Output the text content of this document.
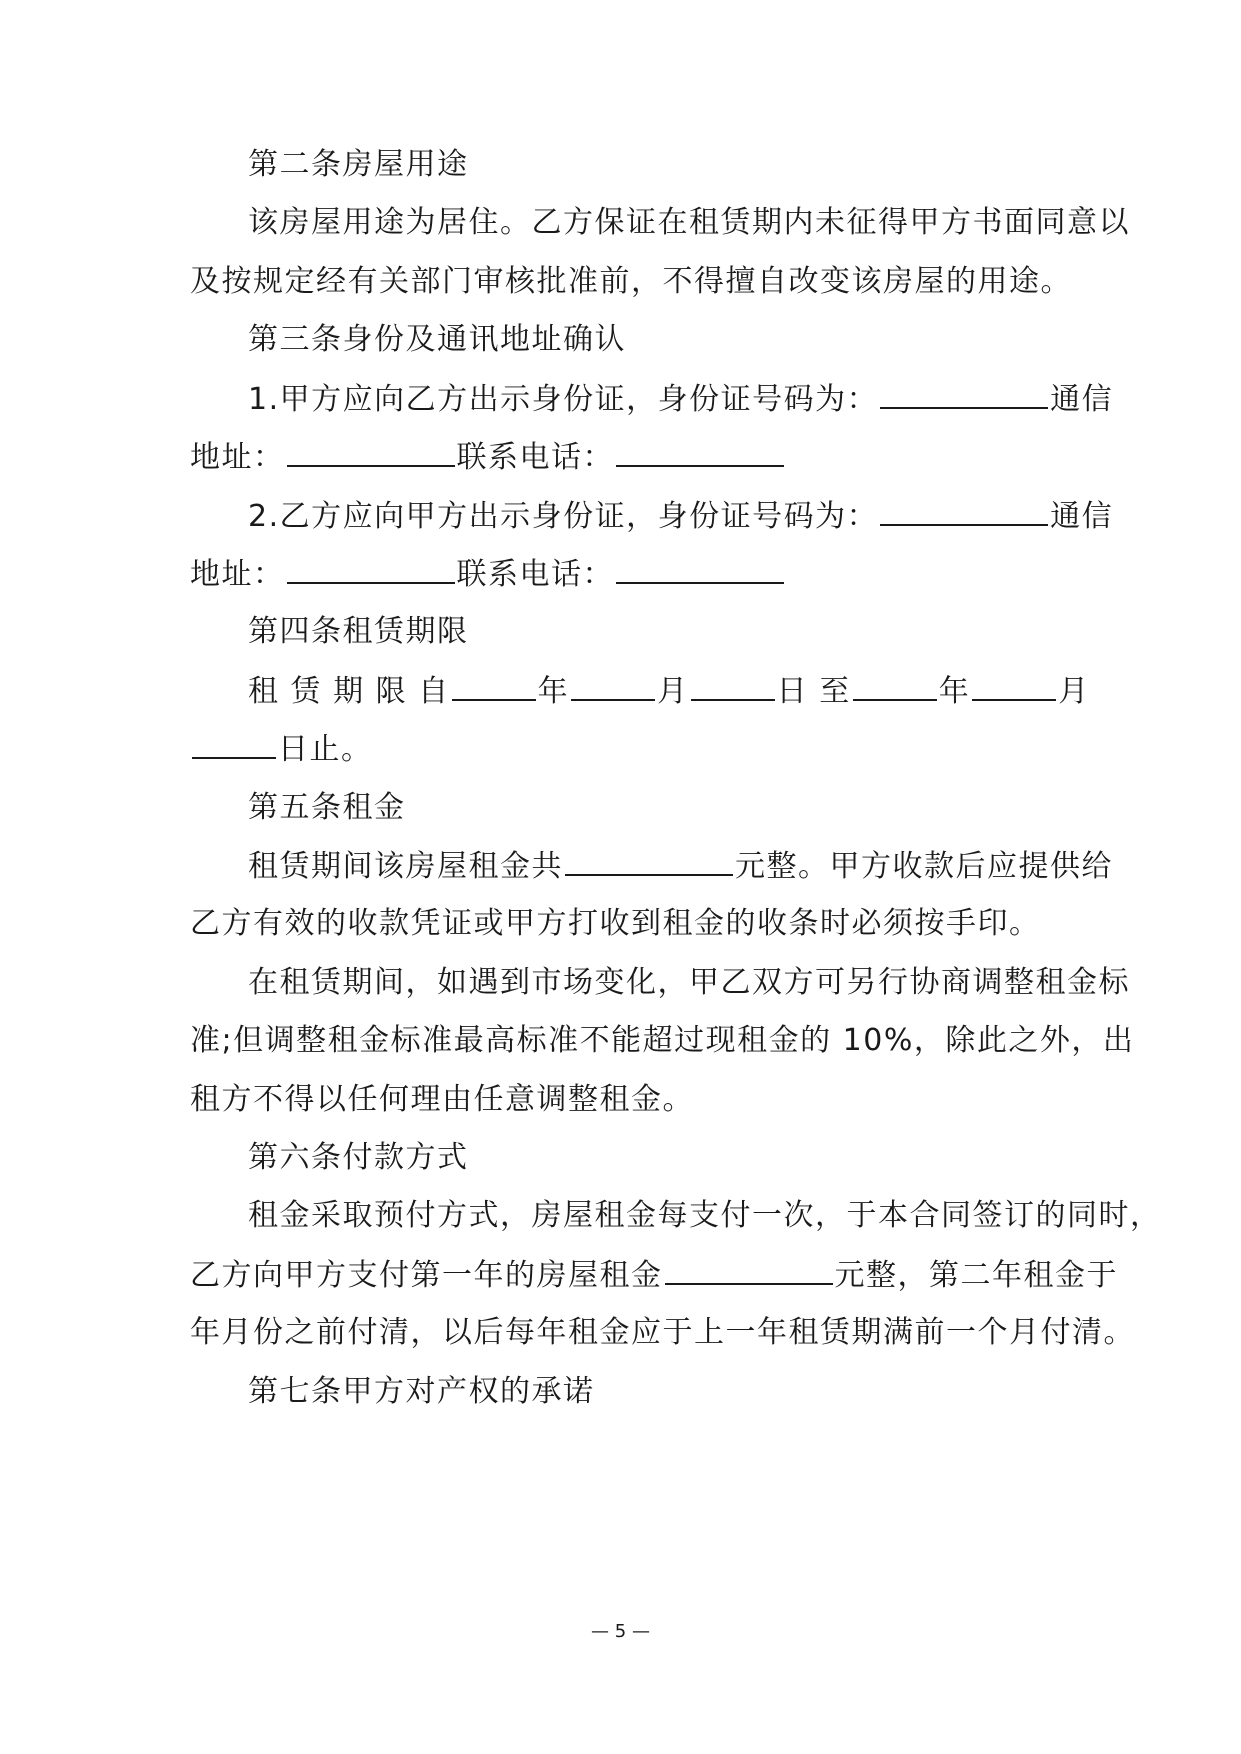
第二条房屋用途
该房屋用途为居住。乙方保证在租赁期内未征得甲方书面同意以
及按规定经有关部门审核批准前，不得擅自改变该房屋的用途。
第三条身份及通讯地址确认
1.甲方应向乙方出示身份证，身份证号码为：	通信
地址：	联系电话：
2.乙方应向甲方出示身份证，身份证号码为：	通信
地址：	联系电话：
第四条租赁期限
租 赁 期 限 自	年	月	日 至	年	月
日止。
第五条租金
租赁期间该房屋租金共	元整。甲方收款后应提供给
乙方有效的收款凭证或甲方打收到租金的收条时必须按手印。
在租赁期间，如遇到市场变化，甲乙双方可另行协商调整租金标
准;但调整租金标准最高标准不能超过现租金的 10%，除此之外，出
租方不得以任何理由任意调整租金。
第六条付款方式
租金采取预付方式，房屋租金每支付一次，于本合同签订的同时，
乙方向甲方支付第一年的房屋租金	元整，第二年租金于
年月份之前付清，以后每年租金应于上一年租赁期满前一个月付清。
第七条甲方对产权的承诺
— 5 —
